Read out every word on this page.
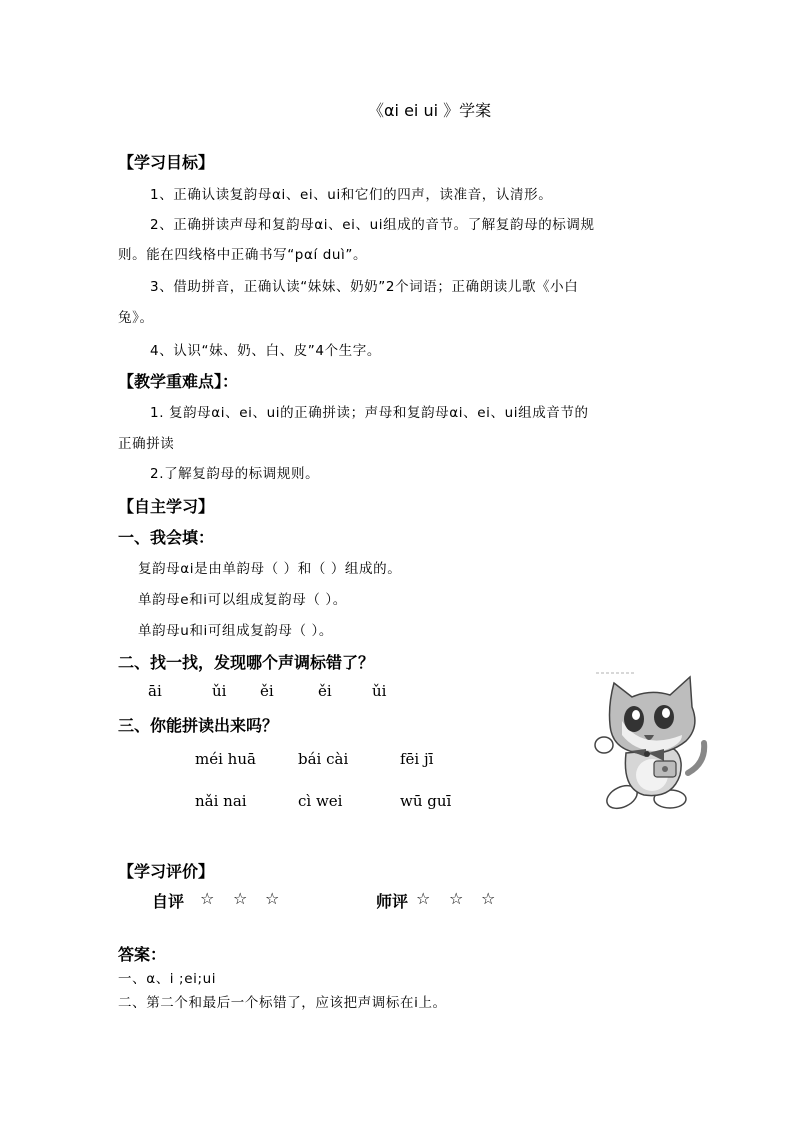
《αi ei ui 》学案
【学习目标】
1、正确认读复韵母αi、ei、ui和它们的四声，读准音，认清形。
2、正确拼读声母和复韵母αi、ei、ui组成的音节。了解复韵母的标调规
则。能在四线格中正确书写“pαí duì”。
3、借助拼音，正确认读“妹妹、奶奶”2个词语；正确朗读儿歌《小白
兔》。
4、认识“妹、奶、白、皮”4个生字。
【教学重难点】：
1. 复韵母αi、ei、ui的正确拼读；声母和复韵母αi、ei、ui组成音节的
正确拼读
2.了解复韵母的标调规则。
【自主学习】
一、我会填：
复韵母αi是由单韵母（ ）和（ ）组成的。
单韵母e和i可以组成复韵母（ ）。
单韵母u和i可组成复韵母（ ）。
二、找一找，发现哪个声调标错了？
āi	ǔi ěi	ěi	ǔi
三、你能拼读出来吗？
méi huā	bái cài	fēi jī
nǎi nai	cì wei	wū guī
【学习评价】
自评 ☆ ☆ ☆	师评 ☆ ☆ ☆
答案：
一、α、i ;ei;ui
二、第二个和最后一个标错了，应该把声调标在i上。
